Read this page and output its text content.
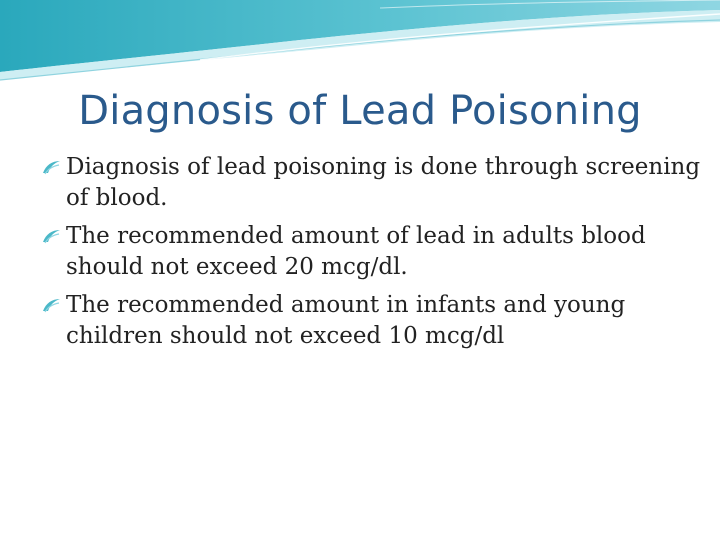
Diagnosis of Lead Poisoning
Diagnosis of lead poisoning is done through screening of blood.
The recommended amount of lead in adults blood should not exceed 20 mcg/dl.
The recommended amount in infants and young children should not exceed 10 mcg/dl
